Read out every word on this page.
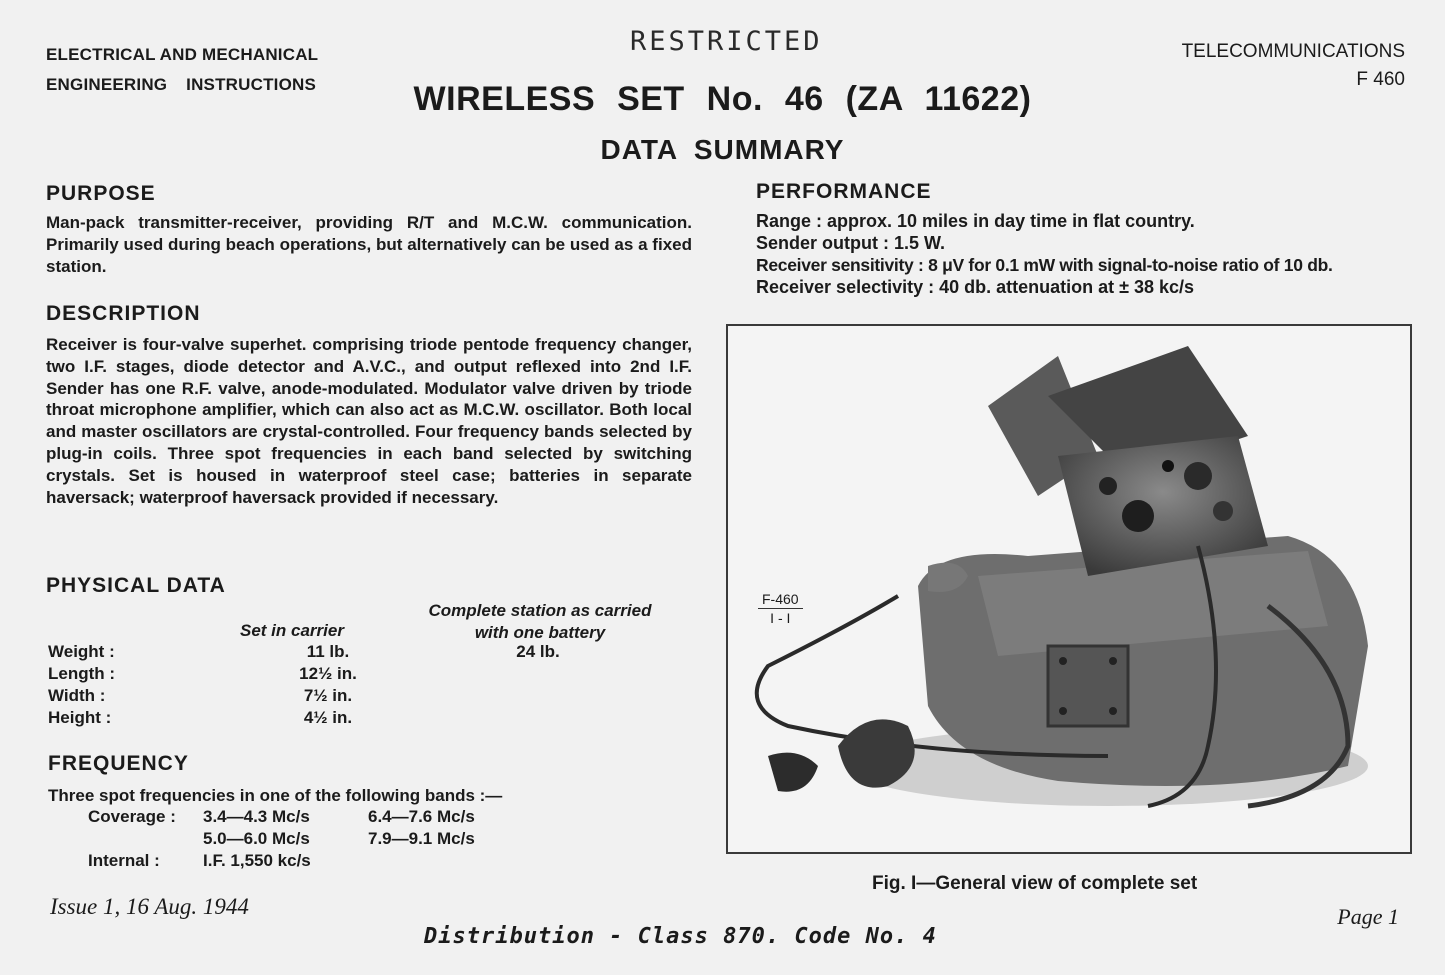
ELECTRICAL AND MECHANICAL
ENGINEERING INSTRUCTIONS
RESTRICTED
WIRELESS SET No. 46 (ZA 11622)
DATA SUMMARY
TELECOMMUNICATIONS
F 460
PURPOSE
Man-pack transmitter-receiver, providing R/T and M.C.W. communication. Primarily used during beach operations, but alternatively can be used as a fixed station.
DESCRIPTION
Receiver is four-valve superhet. comprising triode pentode frequency changer, two I.F. stages, diode detector and A.V.C., and output reflexed into 2nd I.F. Sender has one R.F. valve, anode-modulated. Modulator valve driven by triode throat microphone amplifier, which can also act as M.C.W. oscillator. Both local and master oscillators are crystal-controlled. Four frequency bands selected by plug-in coils. Three spot frequencies in each band selected by switching crystals. Set is housed in waterproof steel case; batteries in separate haversack; waterproof haversack provided if necessary.
PHYSICAL DATA
Set in carrier
Complete station as carried
with one battery
Weight :	11 lb.	24 lb.
Length :	12½ in.
Width :	7½ in.
Height :	4½ in.
FREQUENCY
Three spot frequencies in one of the following bands :—
Coverage : 3.4—4.3 Mc/s	6.4—7.6 Mc/s
5.0—6.0 Mc/s	7.9—9.1 Mc/s
Internal :	I.F. 1,550 kc/s
PERFORMANCE
Range : approx. 10 miles in day time in flat country.
Sender output : 1.5 W.
Receiver sensitivity : 8 μV for 0.1 mW with signal-to-noise ratio of 10 db.
Receiver selectivity : 40 db. attenuation at ± 38 kc/s
F-460
I - I
Fig. I—General view of complete set
Issue 1, 16 Aug. 1944
Distribution - Class 870. Code No. 4
Page 1
